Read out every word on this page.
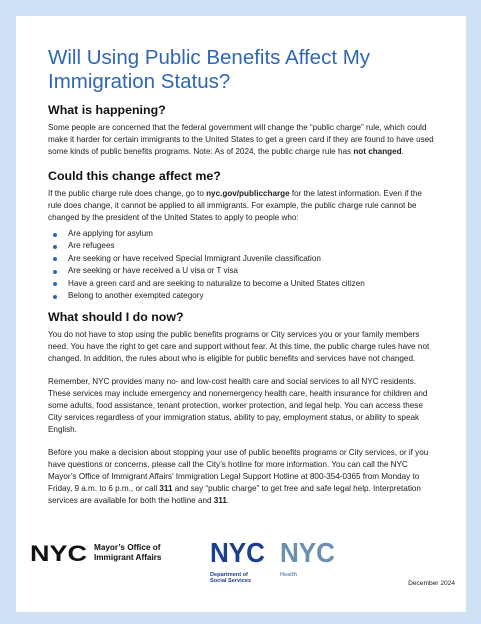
Will Using Public Benefits Affect My Immigration Status?
What is happening?

Some people are concerned that the federal government will change the “public charge” rule, which could make it harder for certain immigrants to the United States to get a green card if they are found to have used some kinds of public benefits programs. Note: As of 2024, the public charge rule has not changed.

Could this change affect me?

If the public charge rule does change, go to nyc.gov/publiccharge for the latest information. Even if the rule does change, it cannot be applied to all immigrants. For example, the public charge rule cannot be changed by the president of the United States to apply to people who:

Are applying for asylum
Are refugees
Are seeking or have received Special Immigrant Juvenile classification
Are seeking or have received a U visa or T visa
Have a green card and are seeking to naturalize to become a United States citizen
Belong to another exempted category
What should I do now?

You do not have to stop using the public benefits programs or City services you or your family members need. You have the right to get care and support without fear. At this time, the public charge rules have not changed. In addition, the rules about who is eligible for public benefits and services have not changed.

Remember, NYC provides many no- and low-cost health care and social services to all NYC residents. These services may include emergency and nonemergency health care, health insurance for children and some adults, food assistance, tenant protection, worker protection, and legal help. You can access these City services regardless of your immigration status, ability to pay, employment status, or ability to speak English.

Before you make a decision about stopping your use of public benefits programs or City services, or if you have questions or concerns, please call the City’s hotline for more information. You can call the NYC Mayor’s Office of Immigrant Affairs’ Immigration Legal Support Hotline at 800-354-0365 from Monday to Friday, 9 a.m. to 6 p.m., or call 311 and say “public charge” to get free and safe legal help. Interpretation services are available for both the hotline and 311.

NYC Mayor’s Office of
Immigrant Affairs NYC
Department of
Social Services
NYC
Health
December 2024
